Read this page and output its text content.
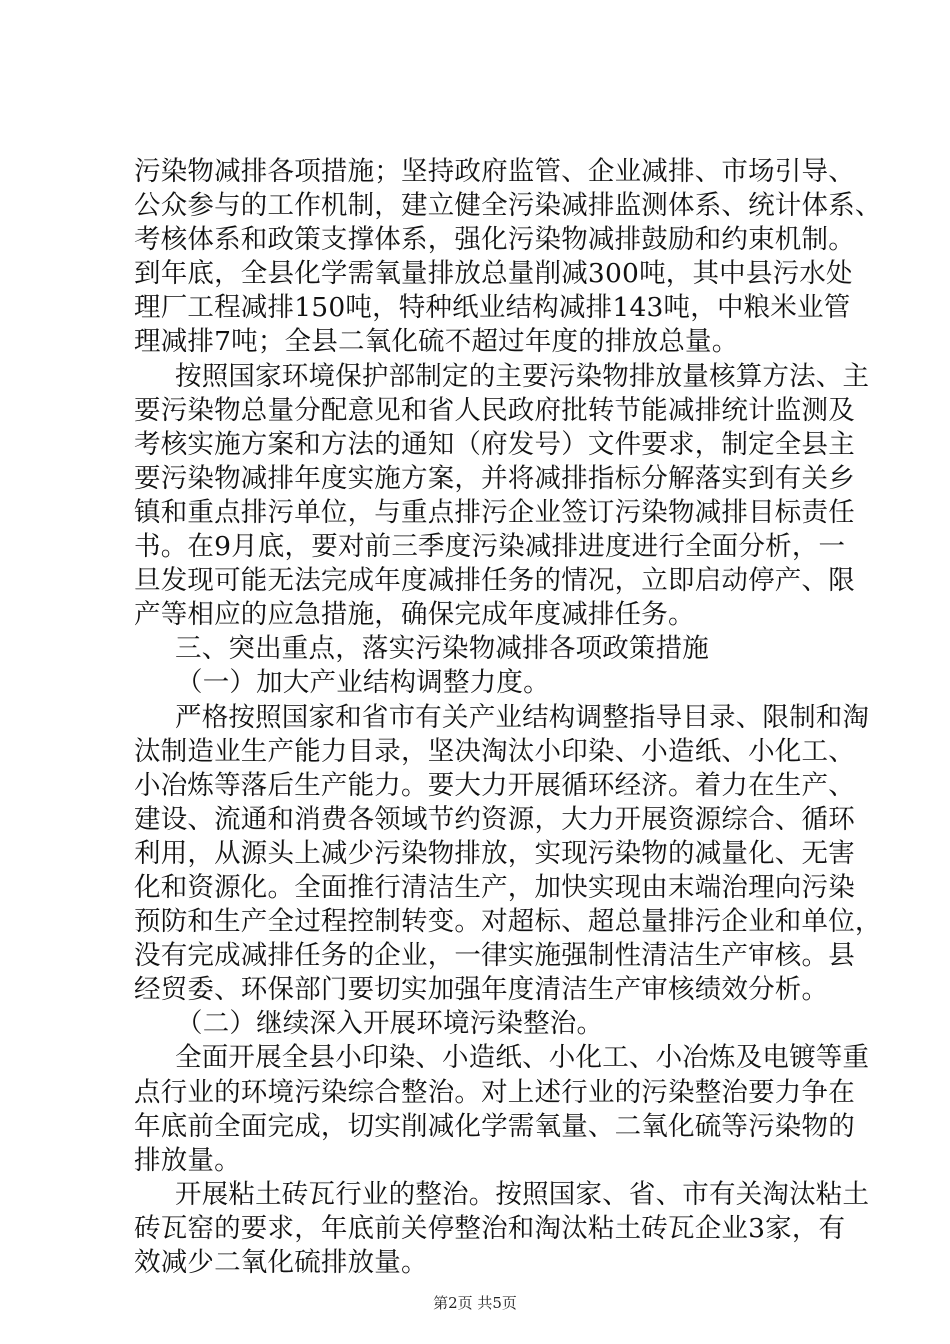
污染物减排各项措施；坚持政府监管、企业减排、市场引导、
公众参与的工作机制，建立健全污染减排监测体系、统计体系、
考核体系和政策支撑体系，强化污染物减排鼓励和约束机制。
到年底，全县化学需氧量排放总量削减300吨，其中县污水处
理厂工程减排150吨，特种纸业结构减排143吨，中粮米业管
理减排7吨；全县二氧化硫不超过年度的排放总量。
按照国家环境保护部制定的主要污染物排放量核算方法、主
要污染物总量分配意见和省人民政府批转节能减排统计监测及
考核实施方案和方法的通知（府发号）文件要求，制定全县主
要污染物减排年度实施方案，并将减排指标分解落实到有关乡
镇和重点排污单位，与重点排污企业签订污染物减排目标责任
书。在9月底，要对前三季度污染减排进度进行全面分析，一
旦发现可能无法完成年度减排任务的情况，立即启动停产、限
产等相应的应急措施，确保完成年度减排任务。
三、突出重点，落实污染物减排各项政策措施
（一）加大产业结构调整力度。
严格按照国家和省市有关产业结构调整指导目录、限制和淘
汰制造业生产能力目录，坚决淘汰小印染、小造纸、小化工、
小冶炼等落后生产能力。要大力开展循环经济。着力在生产、
建设、流通和消费各领域节约资源，大力开展资源综合、循环
利用，从源头上减少污染物排放，实现污染物的减量化、无害
化和资源化。全面推行清洁生产，加快实现由末端治理向污染
预防和生产全过程控制转变。对超标、超总量排污企业和单位，
没有完成减排任务的企业，一律实施强制性清洁生产审核。县
经贸委、环保部门要切实加强年度清洁生产审核绩效分析。
（二）继续深入开展环境污染整治。
全面开展全县小印染、小造纸、小化工、小冶炼及电镀等重
点行业的环境污染综合整治。对上述行业的污染整治要力争在
年底前全面完成，切实削减化学需氧量、二氧化硫等污染物的
排放量。
开展粘土砖瓦行业的整治。按照国家、省、市有关淘汰粘土
砖瓦窑的要求，年底前关停整治和淘汰粘土砖瓦企业3家，有
效减少二氧化硫排放量。
第2页 共5页
